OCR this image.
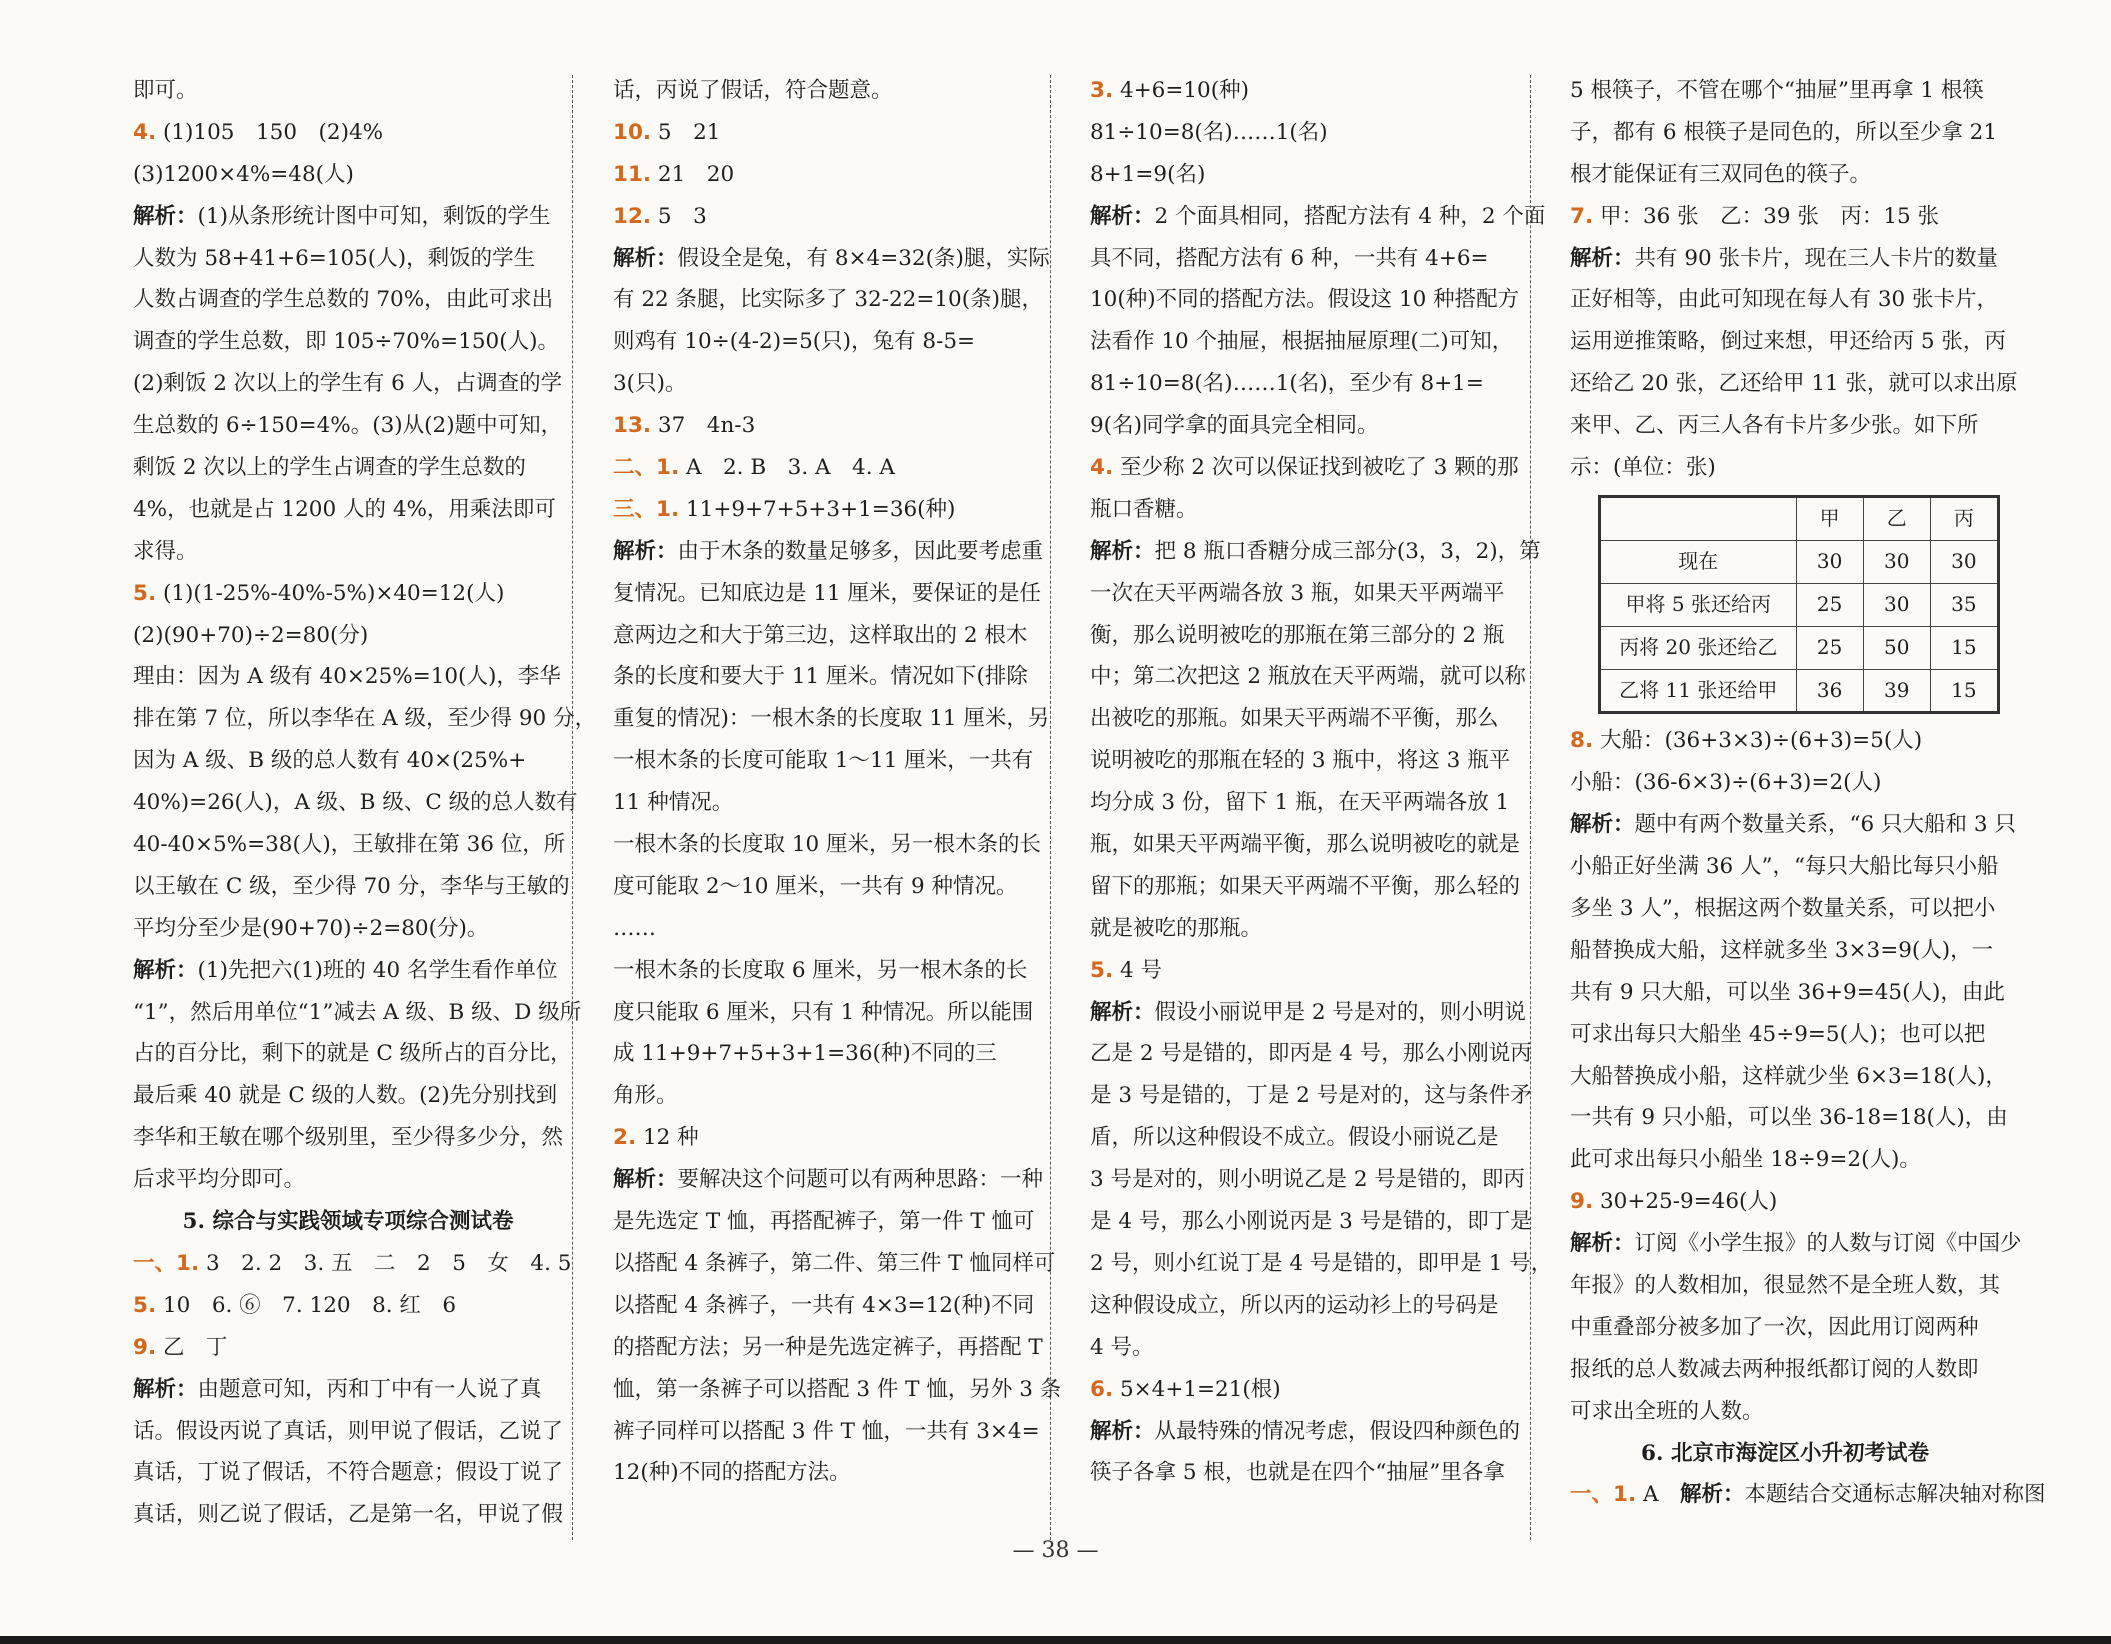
即可。
4. (1)105　150　(2)4%
(3)1200×4%=48(人)
解析：(1)从条形统计图中可知，剩饭的学生
人数为 58+41+6=105(人)，剩饭的学生
人数占调查的学生总数的 70%，由此可求出
调查的学生总数，即 105÷70%=150(人)。
(2)剩饭 2 次以上的学生有 6 人，占调查的学
生总数的 6÷150=4%。(3)从(2)题中可知，
剩饭 2 次以上的学生占调查的学生总数的
4%，也就是占 1200 人的 4%，用乘法即可
求得。
5. (1)(1-25%-40%-5%)×40=12(人)
(2)(90+70)÷2=80(分)
理由：因为 A 级有 40×25%=10(人)，李华
排在第 7 位，所以李华在 A 级，至少得 90 分，
因为 A 级、B 级的总人数有 40×(25%+
40%)=26(人)，A 级、B 级、C 级的总人数有
40-40×5%=38(人)，王敏排在第 36 位，所
以王敏在 C 级，至少得 70 分，李华与王敏的
平均分至少是(90+70)÷2=80(分)。
解析：(1)先把六(1)班的 40 名学生看作单位
“1”，然后用单位“1”减去 A 级、B 级、D 级所
占的百分比，剩下的就是 C 级所占的百分比，
最后乘 40 就是 C 级的人数。(2)先分别找到
李华和王敏在哪个级别里，至少得多少分，然
后求平均分即可。
5. 综合与实践领域专项综合测试卷
一、1. 3　2. 2　3. 五　二　2　5　女　4. 5
5. 10　6. ⑥　7. 120　8. 红　6
9. 乙　丁
解析：由题意可知，丙和丁中有一人说了真
话。假设丙说了真话，则甲说了假话，乙说了
真话，丁说了假话，不符合题意；假设丁说了
真话，则乙说了假话，乙是第一名，甲说了假
话，丙说了假话，符合题意。
10. 5　21
11. 21　20
12. 5　3
解析：假设全是兔，有 8×4=32(条)腿，实际
有 22 条腿，比实际多了 32-22=10(条)腿，
则鸡有 10÷(4-2)=5(只)，兔有 8-5=
3(只)。
13. 37　4n-3
二、1. A　2. B　3. A　4. A
三、1. 11+9+7+5+3+1=36(种)
解析：由于木条的数量足够多，因此要考虑重
复情况。已知底边是 11 厘米，要保证的是任
意两边之和大于第三边，这样取出的 2 根木
条的长度和要大于 11 厘米。情况如下(排除
重复的情况)：一根木条的长度取 11 厘米，另
一根木条的长度可能取 1～11 厘米，一共有
11 种情况。
一根木条的长度取 10 厘米，另一根木条的长
度可能取 2～10 厘米，一共有 9 种情况。
……
一根木条的长度取 6 厘米，另一根木条的长
度只能取 6 厘米，只有 1 种情况。所以能围
成 11+9+7+5+3+1=36(种)不同的三
角形。
2. 12 种
解析：要解决这个问题可以有两种思路：一种
是先选定 T 恤，再搭配裤子，第一件 T 恤可
以搭配 4 条裤子，第二件、第三件 T 恤同样可
以搭配 4 条裤子，一共有 4×3=12(种)不同
的搭配方法；另一种是先选定裤子，再搭配 T
恤，第一条裤子可以搭配 3 件 T 恤，另外 3 条
裤子同样可以搭配 3 件 T 恤，一共有 3×4=
12(种)不同的搭配方法。
3. 4+6=10(种)
81÷10=8(名)……1(名)
8+1=9(名)
解析：2 个面具相同，搭配方法有 4 种，2 个面
具不同，搭配方法有 6 种，一共有 4+6=
10(种)不同的搭配方法。假设这 10 种搭配方
法看作 10 个抽屉，根据抽屉原理(二)可知，
81÷10=8(名)……1(名)，至少有 8+1=
9(名)同学拿的面具完全相同。
4. 至少称 2 次可以保证找到被吃了 3 颗的那
瓶口香糖。
解析：把 8 瓶口香糖分成三部分(3，3，2)，第
一次在天平两端各放 3 瓶，如果天平两端平
衡，那么说明被吃的那瓶在第三部分的 2 瓶
中；第二次把这 2 瓶放在天平两端，就可以称
出被吃的那瓶。如果天平两端不平衡，那么
说明被吃的那瓶在轻的 3 瓶中，将这 3 瓶平
均分成 3 份，留下 1 瓶，在天平两端各放 1
瓶，如果天平两端平衡，那么说明被吃的就是
留下的那瓶；如果天平两端不平衡，那么轻的
就是被吃的那瓶。
5. 4 号
解析：假设小丽说甲是 2 号是对的，则小明说
乙是 2 号是错的，即丙是 4 号，那么小刚说丙
是 3 号是错的，丁是 2 号是对的，这与条件矛
盾，所以这种假设不成立。假设小丽说乙是
3 号是对的，则小明说乙是 2 号是错的，即丙
是 4 号，那么小刚说丙是 3 号是错的，即丁是
2 号，则小红说丁是 4 号是错的，即甲是 1 号，
这种假设成立，所以丙的运动衫上的号码是
4 号。
6. 5×4+1=21(根)
解析：从最特殊的情况考虑，假设四种颜色的
筷子各拿 5 根，也就是在四个“抽屉”里各拿
5 根筷子，不管在哪个“抽屉”里再拿 1 根筷
子，都有 6 根筷子是同色的，所以至少拿 21
根才能保证有三双同色的筷子。
7. 甲：36 张　乙：39 张　丙：15 张
解析：共有 90 张卡片，现在三人卡片的数量
正好相等，由此可知现在每人有 30 张卡片，
运用逆推策略，倒过来想，甲还给丙 5 张，丙
还给乙 20 张，乙还给甲 11 张，就可以求出原
来甲、乙、丙三人各有卡片多少张。如下所
示：(单位：张)
	甲	乙	丙
现在	30	30	30
甲将 5 张还给丙	25	30	35
丙将 20 张还给乙	25	50	15
乙将 11 张还给甲	36	39	15
8. 大船：(36+3×3)÷(6+3)=5(人)
小船：(36-6×3)÷(6+3)=2(人)
解析：题中有两个数量关系，“6 只大船和 3 只
小船正好坐满 36 人”，“每只大船比每只小船
多坐 3 人”，根据这两个数量关系，可以把小
船替换成大船，这样就多坐 3×3=9(人)，一
共有 9 只大船，可以坐 36+9=45(人)，由此
可求出每只大船坐 45÷9=5(人)；也可以把
大船替换成小船，这样就少坐 6×3=18(人)，
一共有 9 只小船，可以坐 36-18=18(人)，由
此可求出每只小船坐 18÷9=2(人)。
9. 30+25-9=46(人)
解析：订阅《小学生报》的人数与订阅《中国少
年报》的人数相加，很显然不是全班人数，其
中重叠部分被多加了一次，因此用订阅两种
报纸的总人数减去两种报纸都订阅的人数即
可求出全班的人数。
6. 北京市海淀区小升初考试卷
一、1. A　解析：本题结合交通标志解决轴对称图
— 38 —
